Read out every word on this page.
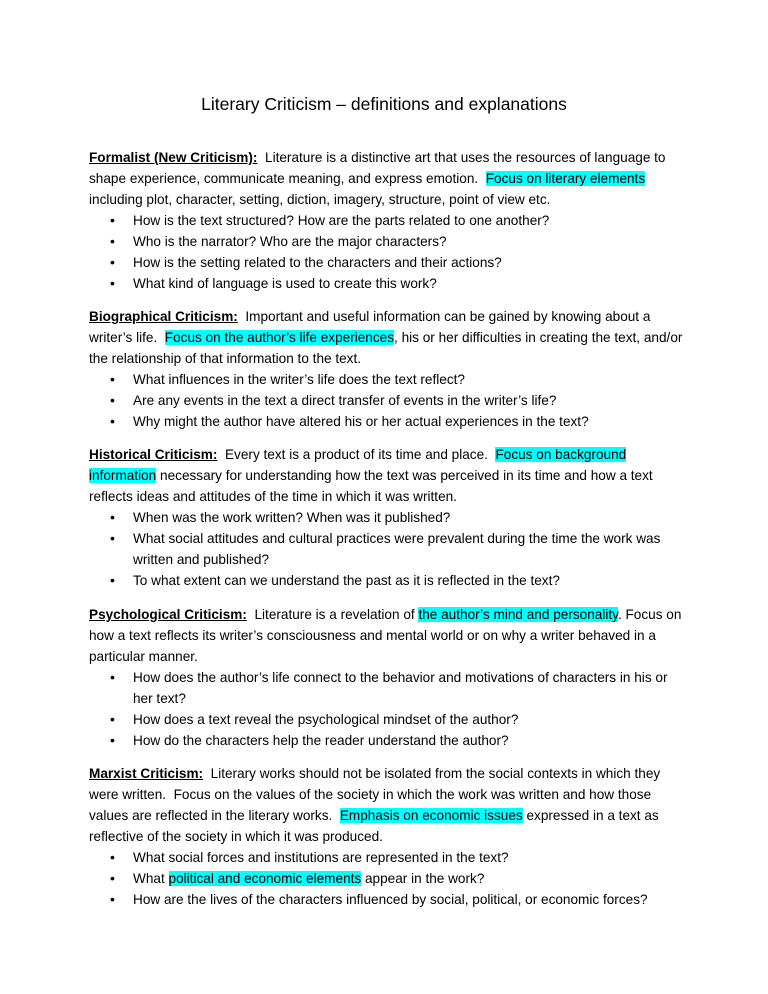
Literary Criticism – definitions and explanations

Formalist (New Criticism):  Literature is a distinctive art that uses the resources of language to shape experience, communicate meaning, and express emotion.  Focus on literary elements including plot, character, setting, diction, imagery, structure, point of view etc.

• How is the text structured? How are the parts related to one another?
• Who is the narrator? Who are the major characters?
• How is the setting related to the characters and their actions?
• What kind of language is used to create this work?

Biographical Criticism:  Important and useful information can be gained by knowing about a writer’s life.  Focus on the author’s life experiences, his or her difficulties in creating the text, and/or the relationship of that information to the text.

• What influences in the writer’s life does the text reflect?
• Are any events in the text a direct transfer of events in the writer’s life?
• Why might the author have altered his or her actual experiences in the text?

Historical Criticism:  Every text is a product of its time and place.  Focus on background information necessary for understanding how the text was perceived in its time and how a text reflects ideas and attitudes of the time in which it was written.

• When was the work written? When was it published?
• What social attitudes and cultural practices were prevalent during the time the work was written and published?
• To what extent can we understand the past as it is reflected in the text?

Psychological Criticism:  Literature is a revelation of the author’s mind and personality. Focus on how a text reflects its writer’s consciousness and mental world or on why a writer behaved in a particular manner.

• How does the author’s life connect to the behavior and motivations of characters in his or her text?
• How does a text reveal the psychological mindset of the author?
• How do the characters help the reader understand the author?

Marxist Criticism:  Literary works should not be isolated from the social contexts in which they were written.  Focus on the values of the society in which the work was written and how those values are reflected in the literary works.  Emphasis on economic issues expressed in a text as reflective of the society in which it was produced.

• What social forces and institutions are represented in the text?
• What political and economic elements appear in the work?
• How are the lives of the characters influenced by social, political, or economic forces?
